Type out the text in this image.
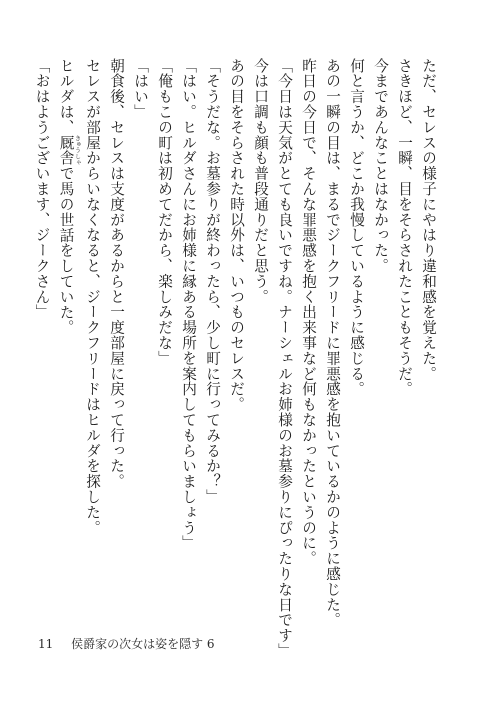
ただ、セレスの様子にやはり違和感を覚えた。
さきほど、一瞬、目をそらされたこともそうだ。
今まであんなことはなかった。
何と言うか、どこか我慢しているように感じる。
あの一瞬の目は、まるでジークフリードに罪悪感を抱いているかのように感じた。
昨日の今日で、そんな罪悪感を抱く出来事など何もなかったというのに。
「今日は天気がとても良いですね。ナーシェルお姉様のお墓参りにぴったりな日です」
今は口調も顔も普段通りだと思う。
あの目をそらされた時以外は、いつものセレスだ。
「そうだな。お墓参りが終わったら、少し町に行ってみるか？」
「はい。ヒルダさんにお姉様に縁ある場所を案内してもらいましょう」
「俺もこの町は初めてだから、楽しみだな」
「はい」
朝食後、セレスは支度があるからと一度部屋に戻って行った。
セレスが部屋からいなくなると、ジークフリードはヒルダを探した。
ヒルダは、厩舎 きゅうしゃで馬の世話をしていた。
「おはようございます、ジークさん」
11 侯爵家の次女は姿を隠す 6
